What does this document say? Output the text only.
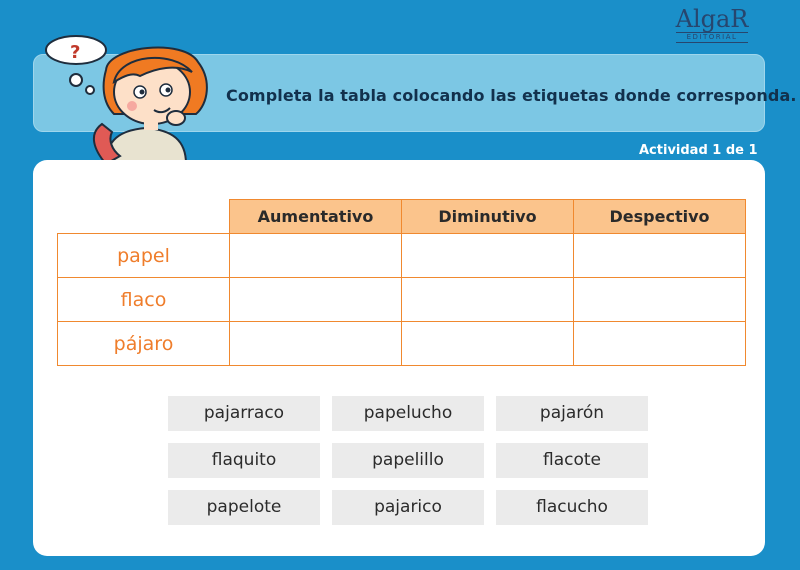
AlgaR
EDITORIAL
?
Completa la tabla colocando las etiquetas donde corresponda.
Actividad 1 de 1
	Aumentativo	Diminutivo	Despectivo
papel			
flaco			
pájaro			
pajarraco	papelucho	pajarón
flaquito	papelillo	flacote
papelote	pajarico	flacucho
